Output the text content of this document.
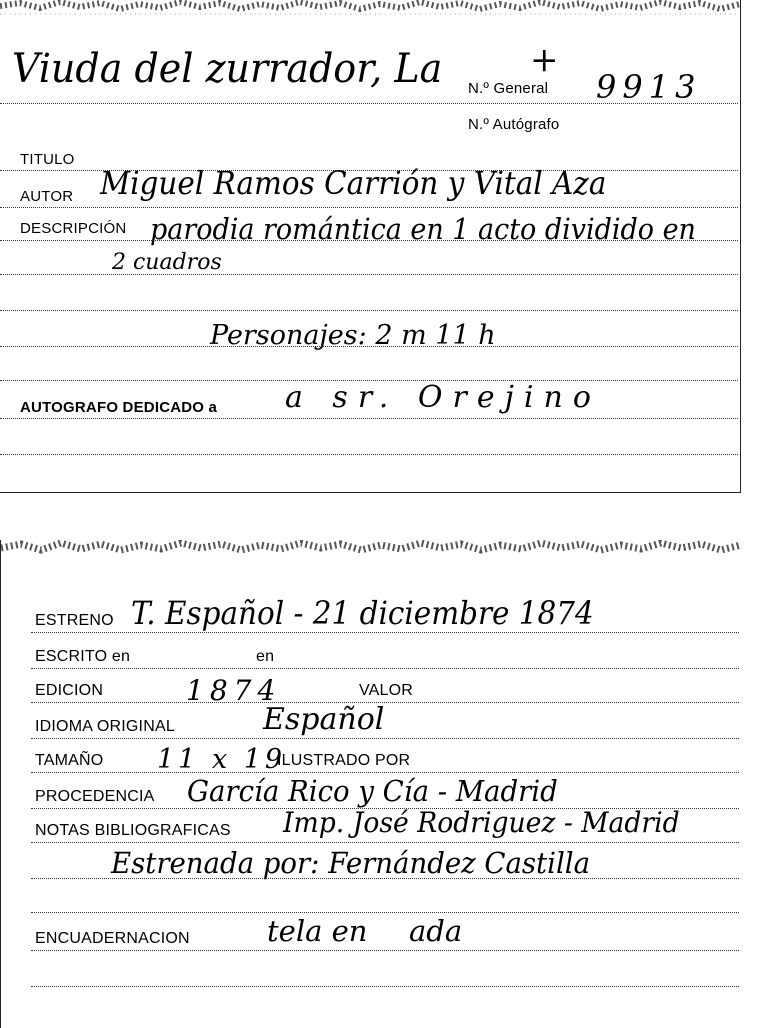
Viuda del zurrador, La	+
N.º General 9913
N.º Autógrafo
TITULO
AUTOR Miguel Ramos Carrión y Vital Aza
DESCRIPCIÓN parodia romántica en 1 acto dividido en
2 cuadros
Personajes: 2 m 11 h
AUTOGRAFO DEDICADO a a sr. Orejino
ESTRENO T. Español - 21 diciembre 1874
ESCRITO en	en
EDICION	1874	VALOR
IDIOMA ORIGINAL	Español
TAMAÑO 11 x 19
ILUSTRADO POR
PROCEDENCIA García Rico y Cía - Madrid
NOTAS BIBLIOGRAFICAS Imp. José Rodriguez - Madrid
Estrenada por: Fernández Castilla
ENCUADERNACION	tela en ada
